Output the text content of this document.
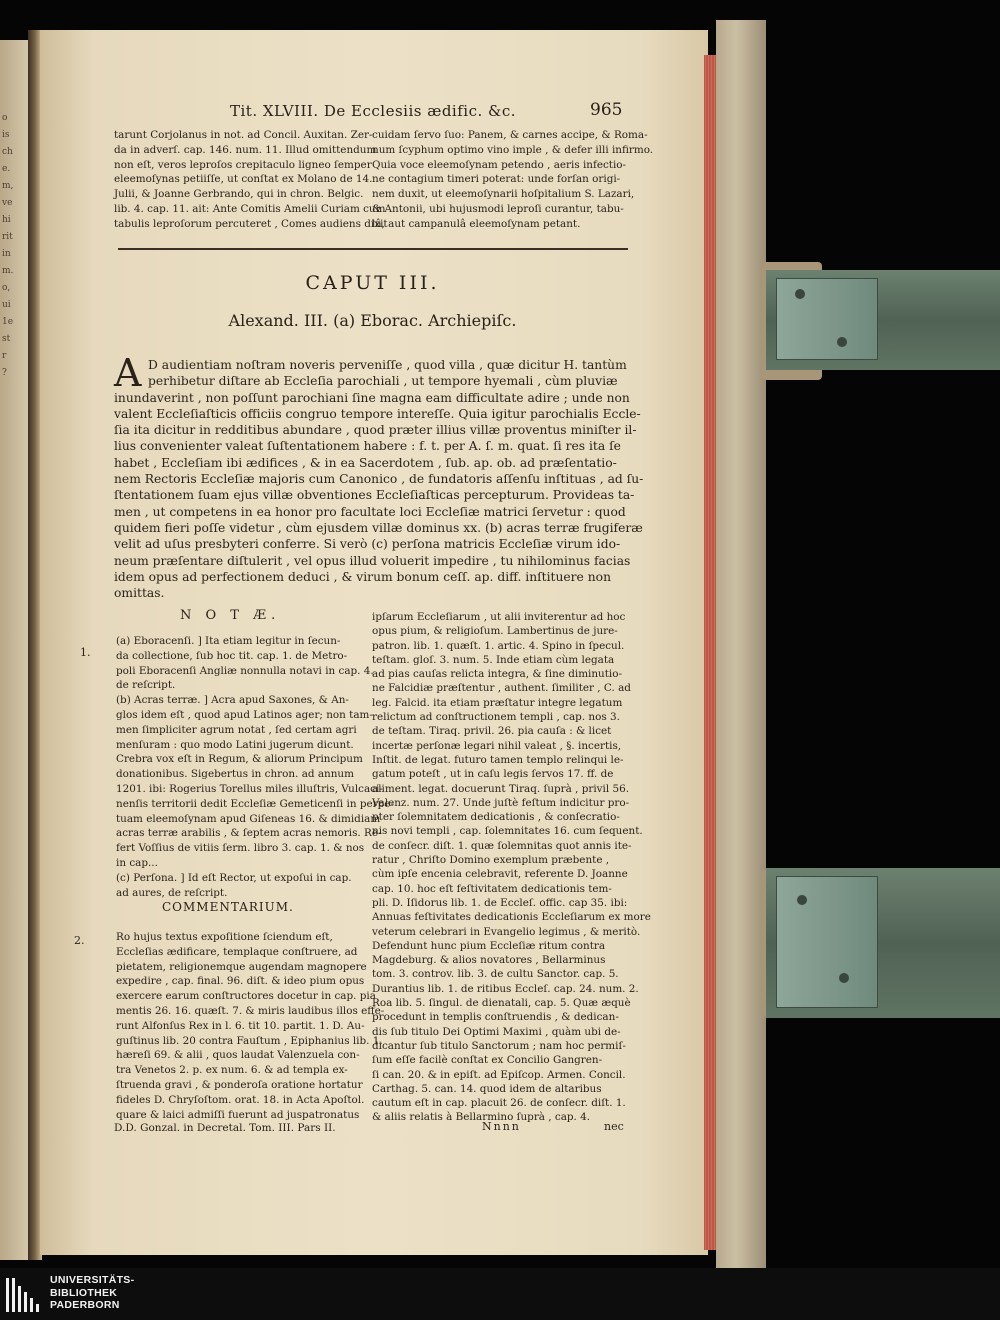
o
is
ch
e.
m,
ve
hi
rit
in
m.
o,
ui
1e
st
r
?
Tit. XLVIII. De Ecclesiis ædific. &c.	965
tarunt Corjolanus in not. ad Concil. Auxitan. Zer-
da in adverſ. cap. 146. num. 11. Illud omittendum
non eſt, veros leproſos crepitaculo ligneo ſemper
eleemoſynas petiiſſe, ut conſtat ex Molano de 14.
Julii, & Joanne Gerbrando, qui in chron. Belgic.
lib. 4. cap. 11. ait: Ante Comitis Amelii Curiam cum
tabulis leproſorum percuteret , Comes audiens dixit
cuidam ſervo ſuo: Panem, & carnes accipe, & Roma-
num ſcyphum optimo vino imple , & defer illi infirmo.
Quia voce eleemoſynam petendo , aeris infectio-
ne contagium timeri poterat: unde forſan origi-
nem duxit, ut eleemoſynarii hoſpitalium S. Lazari,
& Antonii, ubi hujusmodi leproſi curantur, tabu-
lâ, aut campanulâ eleemoſynam petant.
CAPUT III.
Alexand. III. (a) Eborac. Archiepiſc.
A D audientiam noſtram noveris perveniſſe , quod villa , quæ dicitur H. tantùm
perhibetur diſtare ab Eccleſia parochiali , ut tempore hyemali , cùm pluviæ
inundaverint , non poſſunt parochiani ſine magna eam difficultate adire ; unde non
valent Eccleſiaſticis officiis congruo tempore intereſſe. Quia igitur parochialis Eccle-
ſia ita dicitur in redditibus abundare , quod præter illius villæ proventus miniſter il-
lius convenienter valeat ſuſtentationem habere : f. t. per A. ſ. m. quat. ſi res ita ſe
habet , Eccleſiam ibi ædifices , & in ea Sacerdotem , ſub. ap. ob. ad præſentatio-
nem Rectoris Eccleſiæ majoris cum Canonico , de fundatoris aſſenſu inſtituas , ad ſu-
ſtentationem ſuam ejus villæ obventiones Eccleſiaſticas percepturum. Provideas ta-
men , ut competens in ea honor pro facultate loci Eccleſiæ matrici ſervetur : quod
quidem fieri poſſe videtur , cùm ejusdem villæ dominus xx. (b) acras terræ frugiferæ
velit ad uſus presbyteri conferre. Si verò (c) perſona matricis Eccleſiæ virum ido-
neum præſentare diſtulerit , vel opus illud voluerit impedire , tu nihilominus facias
idem opus ad perfectionem deduci , & virum bonum ceſſ. ap. diff. inſtituere non
omittas.
N O T Æ.
1.
(a) Eboracenſi. ] Ita etiam legitur in ſecun-
da collectione, ſub hoc tit. cap. 1. de Metro-
poli Eboracenſi Angliæ nonnulla notavi in cap. 4.
de reſcript.
(b) Acras terræ. ] Acra apud Saxones, & An-
glos idem eſt , quod apud Latinos ager; non tam-
men ſimpliciter agrum notat , ſed certam agri
menſuram : quo modo Latini jugerum dicunt.
Crebra vox eſt in Regum, & aliorum Principum
donationibus. Sigebertus in chron. ad annum
1201. ibi: Rogerius Torellus miles illuſtris, Vulcaci-
nenſis territorii dedit Eccleſiæ Gemeticenſi in perpe-
tuam eleemoſynam apud Giſeneas 16. & dimidiam
acras terræ arabilis , & ſeptem acras nemoris. Re-
fert Voſſius de vitiis ſerm. libro 3. cap. 1. & nos
in cap...
(c) Perſona. ] Id eſt Rector, ut expoſui in cap.
ad aures, de reſcript.
COMMENTARIUM.
2.	Ro hujus textus expoſitione ſciendum eſt,
Eccleſias ædificare, templaque conſtruere, ad
pietatem, religionemque augendam magnopere
expedire , cap. final. 96. diſt. & ideo pium opus
exercere earum conſtructores docetur in cap. pia
mentis 26. 16. quæſt. 7. & miris laudibus illos effe-
runt Alfonſus Rex in l. 6. tit 10. partit. 1. D. Au-
guſtinus lib. 20 contra Fauſtum , Epiphanius lib. 1.
hæreſi 69. & alii , quos laudat Valenzuela con-
tra Venetos 2. p. ex num. 6. & ad templa ex-
ſtruenda gravi , & ponderoſa oratione hortatur
fideles D. Chryſoſtom. orat. 18. in Acta Apoſtol.
quare & laici admiſſi fuerunt ad juspatronatus
ipſarum Eccleſiarum , ut alii inviterentur ad hoc
opus pium, & religioſum. Lambertinus de jure-
patron. lib. 1. quæſt. 1. artic. 4. Spino in ſpecul.
teſtam. gloſ. 3. num. 5. Inde etiam cùm legata
ad pias cauſas relicta integra, & ſine diminutio-
ne Falcidiæ præſtentur , authent. ſimiliter , C. ad
leg. Falcid. ita etiam præſtatur integre legatum
relictum ad conſtructionem templi , cap. nos 3.
de teſtam. Tiraq. privil. 26. pia cauſa : & licet
incertæ perſonæ legari nihil valeat , §. incertis,
Inſtit. de legat. futuro tamen templo relinqui le-
gatum poteſt , ut in caſu legis ſervos 17. ff. de
aliment. legat. docuerunt Tiraq. ſuprà , privil 56.
Valenz. num. 27. Unde juſtè feſtum indicitur pro-
pter ſolemnitatem dedicationis , & conſecratio-
nis novi templi , cap. ſolemnitates 16. cum ſequent.
de conſecr. diſt. 1. quæ ſolemnitas quot annis ite-
ratur , Chriſto Domino exemplum præbente ,
cùm ipſe encenia celebravit, referente D. Joanne
cap. 10. hoc eſt feſtivitatem dedicationis tem-
pli. D. Iſidorus lib. 1. de Eccleſ. offic. cap 35. ibi:
Annuas feſtivitates dedicationis Eccleſiarum ex more
veterum celebrari in Evangelio legimus , & meritò.
Defendunt hunc pium Eccleſiæ ritum contra
Magdeburg. & alios novatores , Bellarminus
tom. 3. controv. lib. 3. de cultu Sanctor. cap. 5.
Durantius lib. 1. de ritibus Eccleſ. cap. 24. num. 2.
Roa lib. 5. ſingul. de dienatali, cap. 5. Quæ æquè
procedunt in templis conſtruendis , & dedican-
dis ſub titulo Dei Optimi Maximi , quàm ubi de-
dicantur ſub titulo Sanctorum ; nam hoc permiſ-
ſum eſſe facilè conſtat ex Concilio Gangren-
ſi can. 20. & in epiſt. ad Epiſcop. Armen. Concil.
Carthag. 5. can. 14. quod idem de altaribus
cautum eſt in cap. placuit 26. de conſecr. diſt. 1.
& aliis relatis à Bellarmino ſuprà , cap. 4.
D.D. Gonzal. in Decretal. Tom. III. Pars II.	Nnnn	nec
UNIVERSITÄTS-
BIBLIOTHEK
PADERBORN
